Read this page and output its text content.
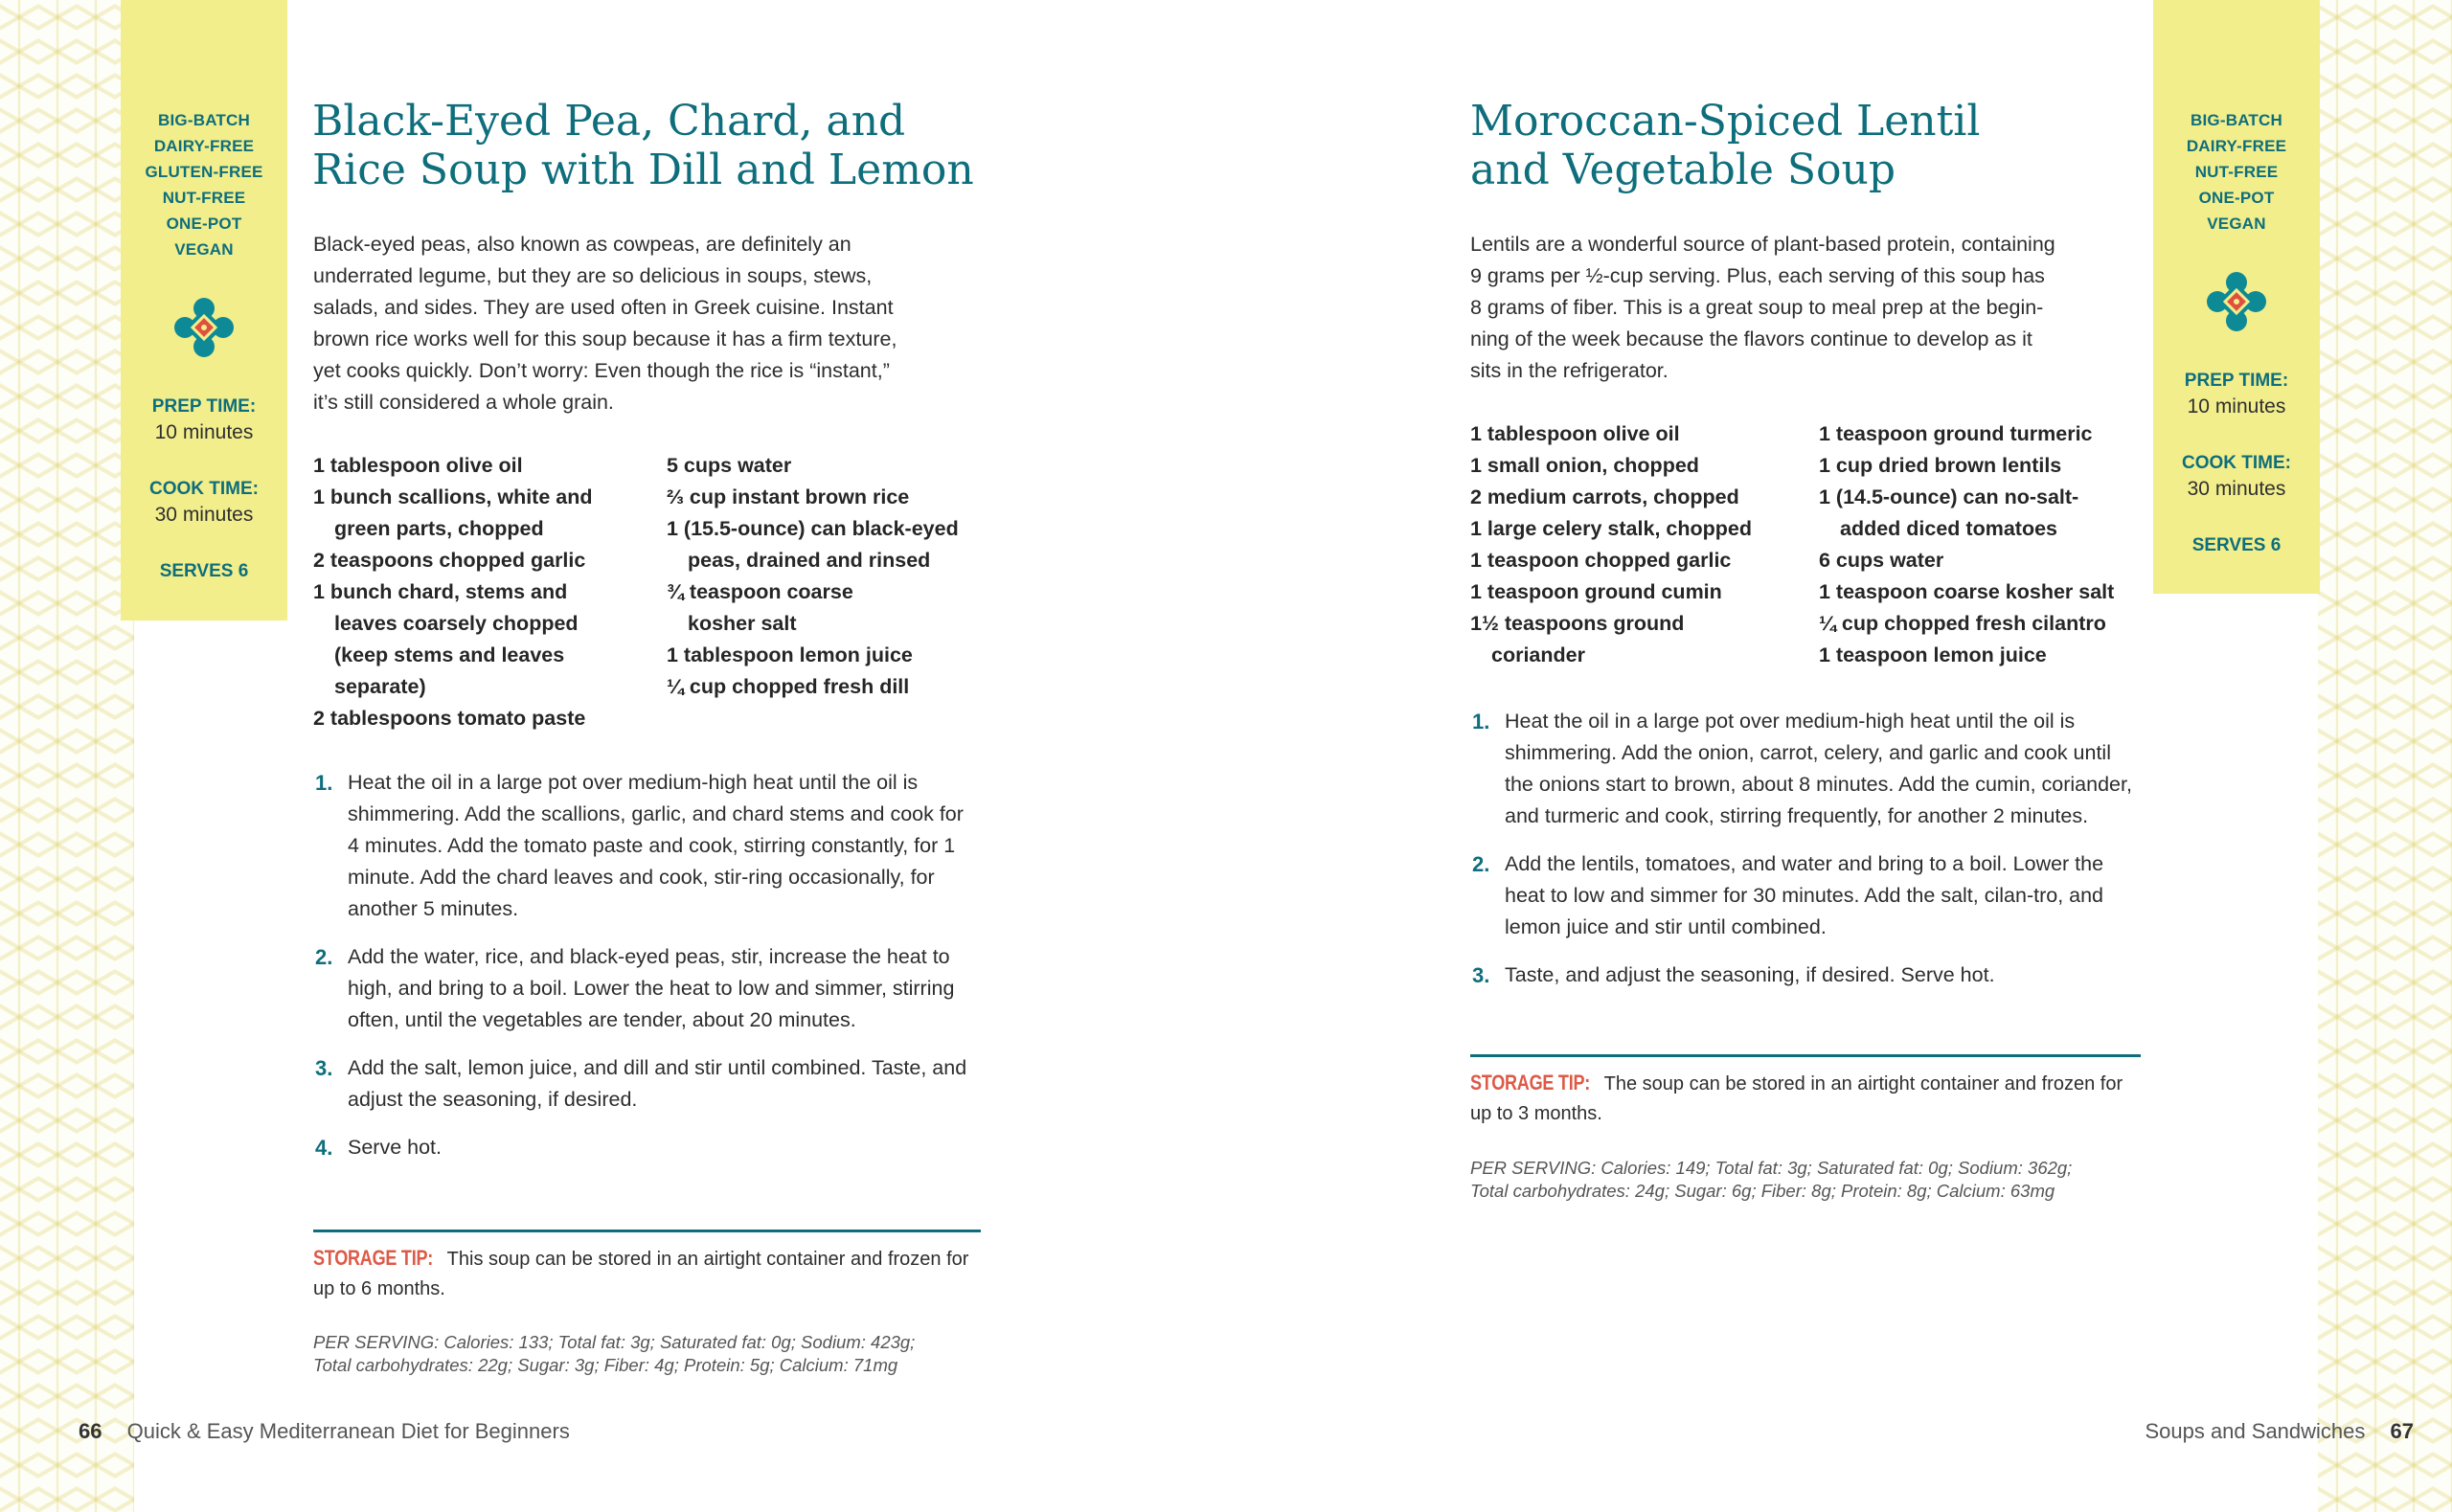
BIG-BATCH
DAIRY-FREE
GLUTEN-FREE
NUT-FREE
ONE-POT
VEGAN
PREP TIME:
10 minutes
COOK TIME:
30 minutes
SERVES 6
BIG-BATCH
DAIRY-FREE
NUT-FREE
ONE-POT
VEGAN
PREP TIME:
10 minutes
COOK TIME:
30 minutes
SERVES 6
Black-Eyed Pea, Chard, and
Rice Soup with Dill and Lemon
Black-eyed peas, also known as cowpeas, are definitely an
underrated legume, but they are so delicious in soups, stews,
salads, and sides. They are used often in Greek cuisine. Instant
brown rice works well for this soup because it has a firm texture,
yet cooks quickly. Don’t worry: Even though the rice is “instant,”
it’s still considered a whole grain.
1 tablespoon olive oil
1 bunch scallions, white and green parts, chopped
2 teaspoons chopped garlic
1 bunch chard, stems and leaves coarsely chopped (keep stems and leaves separate)
2 tablespoons tomato paste
5 cups water
⅔ cup instant brown rice
1 (15.5-ounce) can black-eyed peas, drained and rinsed
¾ teaspoon coarse kosher salt
1 tablespoon lemon juice
¼ cup chopped fresh dill
1. Heat the oil in a large pot over medium-high heat until the oil is shimmering. Add the scallions, garlic, and chard stems and cook for 4 minutes. Add the tomato paste and cook, stirring constantly, for 1 minute. Add the chard leaves and cook, stir-ring occasionally, for another 5 minutes.
2. Add the water, rice, and black-eyed peas, stir, increase the heat to high, and bring to a boil. Lower the heat to low and simmer, stirring often, until the vegetables are tender, about 20 minutes.
3. Add the salt, lemon juice, and dill and stir until combined. Taste, and adjust the seasoning, if desired.
4. Serve hot.
STORAGE TIP: This soup can be stored in an airtight container and frozen for up to 6 months.
PER SERVING: Calories: 133; Total fat: 3g; Saturated fat: 0g; Sodium: 423g;
Total carbohydrates: 22g; Sugar: 3g; Fiber: 4g; Protein: 5g; Calcium: 71mg
66 Quick & Easy Mediterranean Diet for Beginners
Moroccan-Spiced Lentil
and Vegetable Soup
Lentils are a wonderful source of plant-based protein, containing
9 grams per ½-cup serving. Plus, each serving of this soup has
8 grams of fiber. This is a great soup to meal prep at the begin-
ning of the week because the flavors continue to develop as it
sits in the refrigerator.
1 tablespoon olive oil
1 small onion, chopped
2 medium carrots, chopped
1 large celery stalk, chopped
1 teaspoon chopped garlic
1 teaspoon ground cumin
1½ teaspoons ground coriander
1 teaspoon ground turmeric
1 cup dried brown lentils
1 (14.5-ounce) can no-salt-added diced tomatoes
6 cups water
1 teaspoon coarse kosher salt
¼ cup chopped fresh cilantro
1 teaspoon lemon juice
1. Heat the oil in a large pot over medium-high heat until the oil is shimmering. Add the onion, carrot, celery, and garlic and cook until the onions start to brown, about 8 minutes. Add the cumin, coriander, and turmeric and cook, stirring frequently, for another 2 minutes.
2. Add the lentils, tomatoes, and water and bring to a boil. Lower the heat to low and simmer for 30 minutes. Add the salt, cilan-tro, and lemon juice and stir until combined.
3. Taste, and adjust the seasoning, if desired. Serve hot.
STORAGE TIP: The soup can be stored in an airtight container and frozen for up to 3 months.
PER SERVING: Calories: 149; Total fat: 3g; Saturated fat: 0g; Sodium: 362g;
Total carbohydrates: 24g; Sugar: 6g; Fiber: 8g; Protein: 8g; Calcium: 63mg
Soups and Sandwiches 67
